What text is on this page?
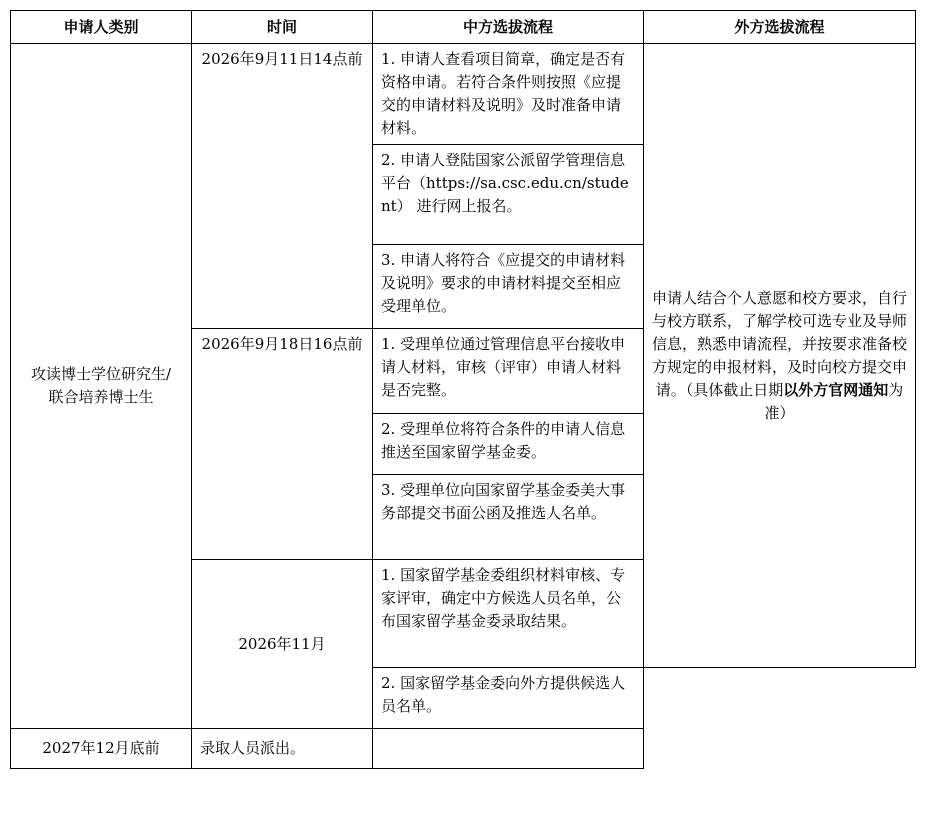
申请人类别	时间	中方选拔流程	外方选拔流程
攻读博士学位研究生/
联合培养博士生	2026年9月11日14点前	1. 申请人查看项目简章，确定是否有资格申请。若符合条件则按照《应提交的申请材料及说明》及时准备申请材料。	申请人结合个人意愿和校方要求，自行与校方联系，了解学校可选专业及导师信息，熟悉申请流程，并按要求准备校方规定的申报材料，及时向校方提交申请。（具体截止日期以外方官网通知为准）
		2. 申请人登陆国家公派留学管理信息平台（https://sa.csc.edu.cn/student） 进行网上报名。	
		3. 申请人将符合《应提交的申请材料及说明》要求的申请材料提交至相应受理单位。	
	2026年9月18日16点前	1. 受理单位通过管理信息平台接收申请人材料，审核（评审）申请人材料是否完整。	
		2. 受理单位将符合条件的申请人信息推送至国家留学基金委。	
		3. 受理单位向国家留学基金委美大事务部提交书面公函及推选人名单。	
	2026年11月	1. 国家留学基金委组织材料审核、专家评审，确定中方候选人员名单，公布国家留学基金委录取结果。	
		2. 国家留学基金委向外方提供候选人员名单。	
2027年12月底前	录取人员派出。		
